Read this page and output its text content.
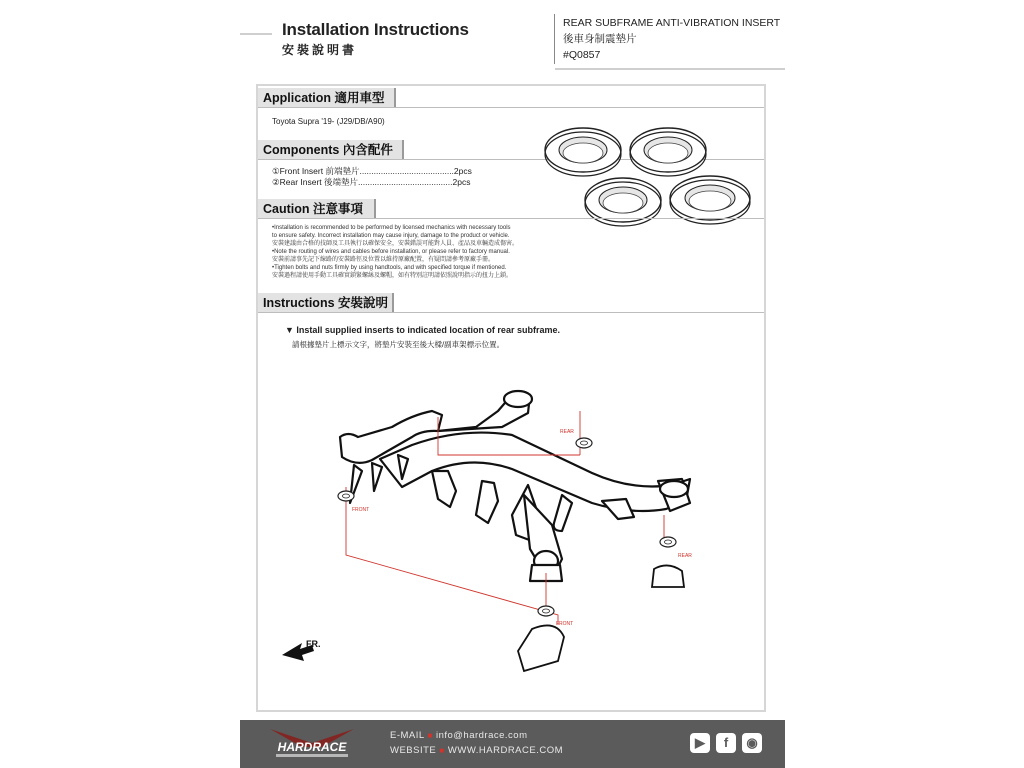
Installation Instructions
安裝說明書
REAR SUBFRAME ANTI-VIBRATION INSERT
後車身制震墊片
#Q0857
Application 適用車型
Toyota Supra '19- (J29/DB/A90)
Components 內含配件
①Front Insert 前端墊片........................................2pcs
②Rear Insert 後端墊片........................................2pcs
Caution 注意事項
•Installation is recommended to be performed by licensed mechanics with necessary tools
to ensure safety. Incorrect installation may cause injury, damage to the product or vehicle.
安裝建議由合格的技師及工具執行以確保安全，安裝錯誤可能對人員、產品及車輛造成傷害。
•Note the routing of wires and cables before installation, or please refer to factory manual.
安裝前請事先記下線路的安裝路徑及位置以維持原廠配置，有疑問請參考原廠手冊。
•Tighten bolts and nuts firmly by using handtools, and with specified torque if mentioned.
安裝過程請使用手動工具確實鎖緊螺絲及螺帽，如有特別註明請依照說明指示的扭力上鎖。
Instructions 安裝說明
▼ Install supplied inserts to indicated location of rear subframe.
請根據墊片上標示文字，將墊片安裝至後大樑/副車架標示位置。
REAR
FRONT
REAR
FRONT
FR.
HARDRACE
E-MAIL ■ info@hardrace.com
WEBSITE ■ WWW.HARDRACE.COM
▶	f	◉
